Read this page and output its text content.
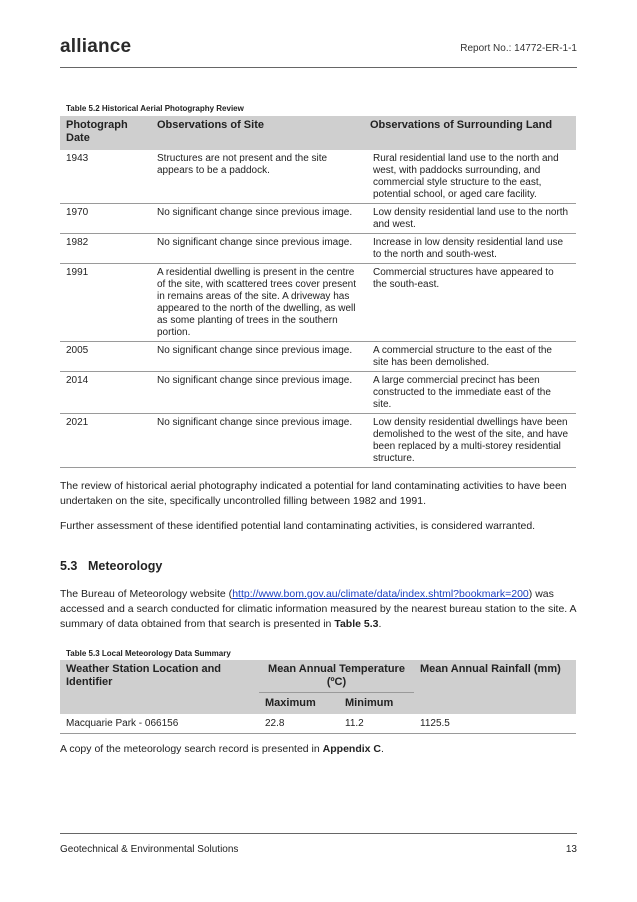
alliance	Report No.: 14772-ER-1-1
Table 5.2 Historical Aerial Photography Review
Photograph Date	Observations of Site	Observations of Surrounding Land
1943	Structures are not present and the site appears to be a paddock.	Rural residential land use to the north and west, with paddocks surrounding, and commercial style structure to the east, potential school, or aged care facility.
1970	No significant change since previous image.	Low density residential land use to the north and west.
1982	No significant change since previous image.	Increase in low density residential land use to the north and south-west.
1991	A residential dwelling is present in the centre of the site, with scattered trees cover present in remains areas of the site. A driveway has appeared to the north of the dwelling, as well as some planting of trees in the southern portion.	Commercial structures have appeared to the south-east.
2005	No significant change since previous image.	A commercial structure to the east of the site has been demolished.
2014	No significant change since previous image.	A large commercial precinct has been constructed to the immediate east of the site.
2021	No significant change since previous image.	Low density residential dwellings have been demolished to the west of the site, and have been replaced by a multi-storey residential structure.
The review of historical aerial photography indicated a potential for land contaminating activities to have been undertaken on the site, specifically uncontrolled filling between 1982 and 1991.
Further assessment of these identified potential land contaminating activities, is considered warranted.
5.3 Meteorology
The Bureau of Meteorology website (http://www.bom.gov.au/climate/data/index.shtml?bookmark=200) was accessed and a search conducted for climatic information measured by the nearest bureau station to the site. A summary of data obtained from that search is presented in Table 5.3.
Table 5.3 Local Meteorology Data Summary
Weather Station Location and Identifier	Mean Annual Temperature (ºC)		Mean Annual Rainfall (mm)
	Maximum	Minimum	
Macquarie Park - 066156	22.8	11.2	1125.5
A copy of the meteorology search record is presented in Appendix C.
Geotechnical & Environmental Solutions	13
